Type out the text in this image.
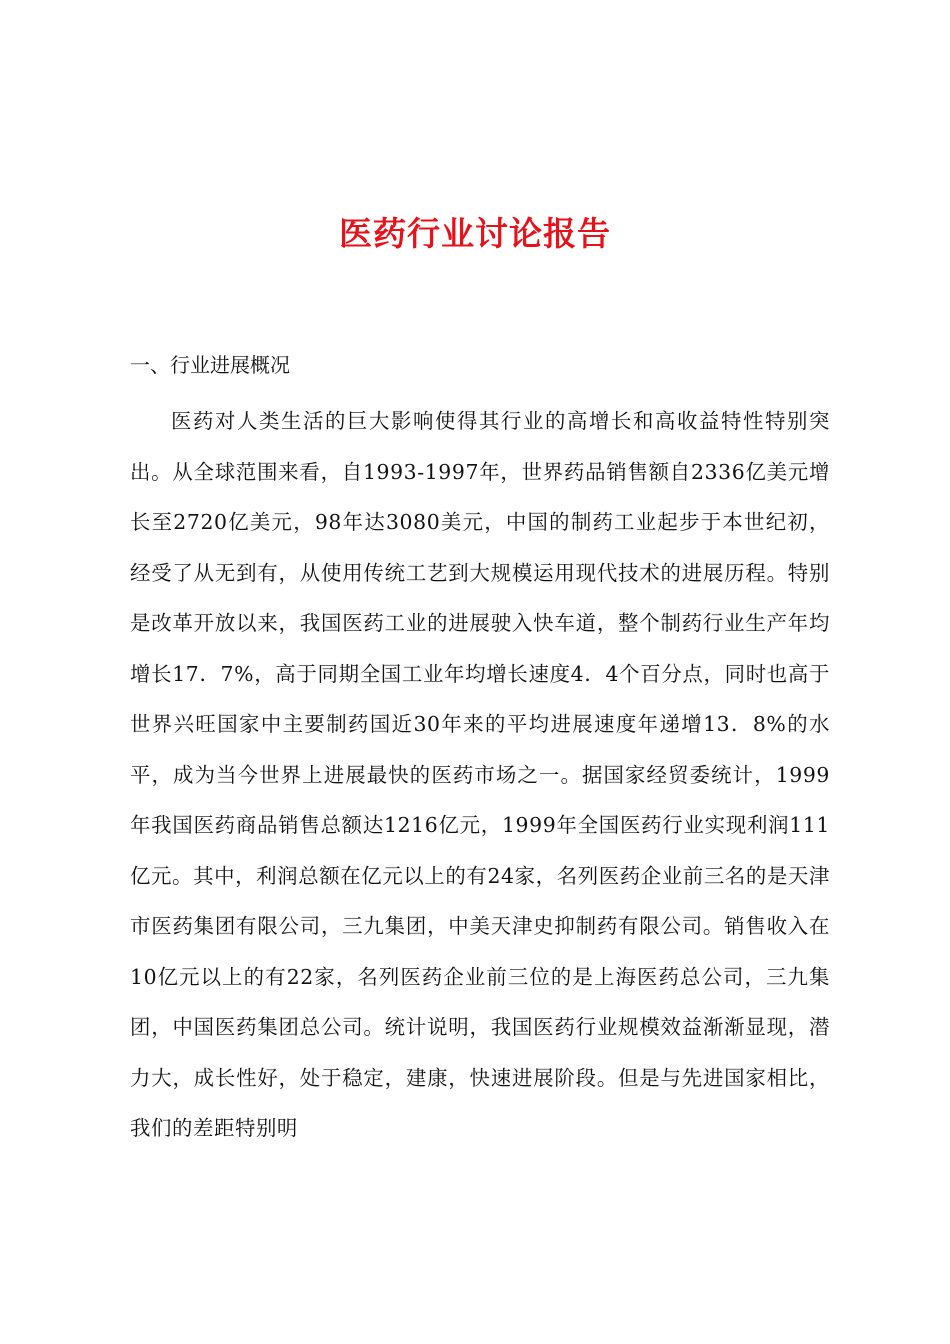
医药行业讨论报告
一、行业进展概况

医药对人类生活的巨大影响使得其行业的高增长和高收益特性特别突出。从全球范围来看，自1993-1997年，世界药品销售额自2336亿美元增长至2720亿美元，98年达3080美元，中国的制药工业起步于本世纪初，经受了从无到有，从使用传统工艺到大规模运用现代技术的进展历程。特别是改革开放以来，我国医药工业的进展驶入快车道，整个制药行业生产年均增长17．7%，高于同期全国工业年均增长速度4．4个百分点，同时也高于世界兴旺国家中主要制药国近30年来的平均进展速度年递增13．8%的水平，成为当今世界上进展最快的医药市场之一。据国家经贸委统计，1999年我国医药商品销售总额达1216亿元，1999年全国医药行业实现利润111亿元。其中，利润总额在亿元以上的有24家，名列医药企业前三名的是天津市医药集团有限公司，三九集团，中美天津史抑制药有限公司。销售收入在10亿元以上的有22家，名列医药企业前三位的是上海医药总公司，三九集团，中国医药集团总公司。统计说明，我国医药行业规模效益渐渐显现，潜力大，成长性好，处于稳定，建康，快速进展阶段。但是与先进国家相比，我们的差距特别明
